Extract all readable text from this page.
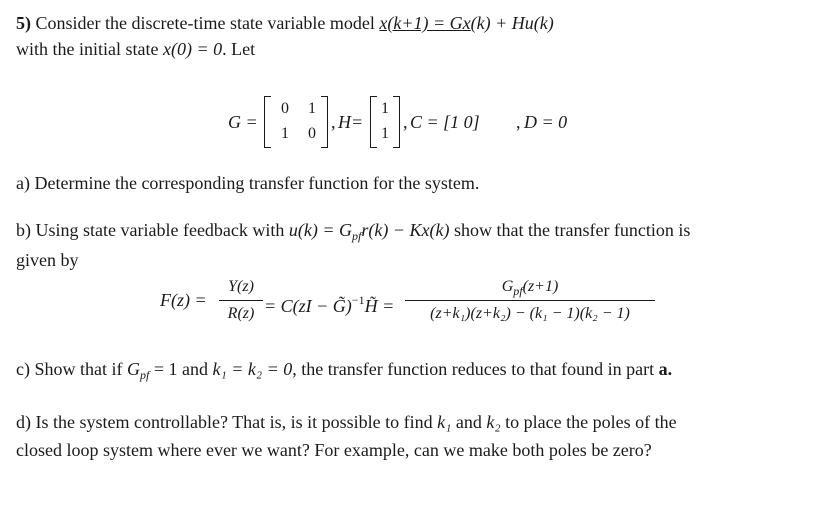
5) Consider the discrete-time state variable model x(k+1) = Gx(k) + Hu(k)
with the initial state x(0) = 0. Let
G =
0 1
1 0
, H=
1
1
, C = [1 0] , D = 0
a) Determine the corresponding transfer function for the system.
b) Using state variable feedback with $u(k) = G_{pf}r(k) - Kx(k)$ show that the transfer function is
given by
F(z) =
Y(z)
R(z) = C(zI − G̃)$^{-1}$H̃ =
$G_{pf}(z+1)$
(z+k₁)(z+k₂) − (k₁ − 1)(k₂ − 1)
c) Show that if $G_{pf} = 1$ and k₁ = k₂ = 0, the transfer function reduces to that found in part a.
d) Is the system controllable? That is, is it possible to find k₁ and k₂ to place the poles of the
closed loop system where ever we want? For example, can we make both poles be zero?
